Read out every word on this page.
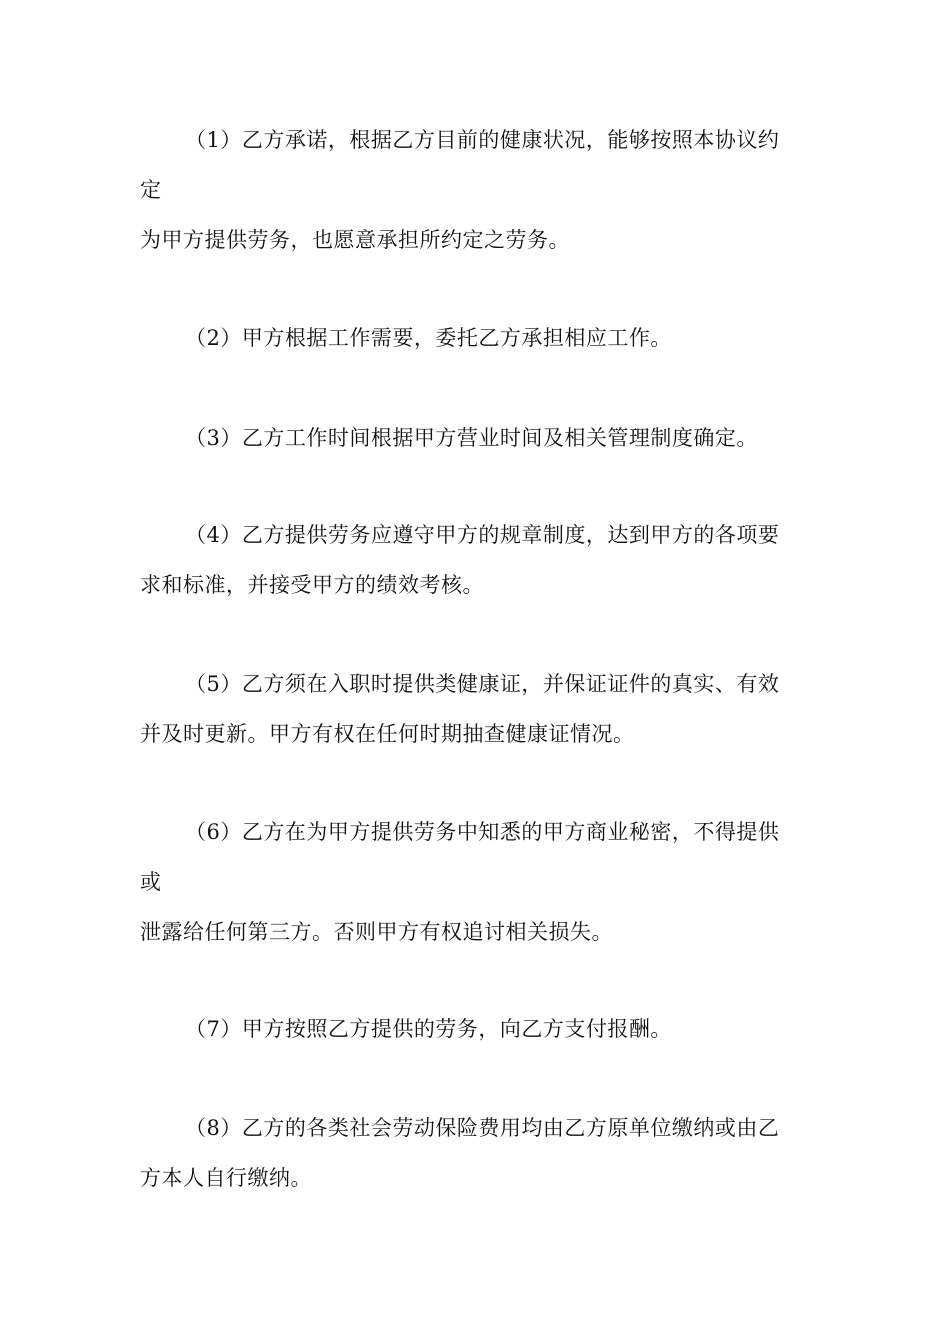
（1）乙方承诺，根据乙方目前的健康状况，能够按照本协议约
定
为甲方提供劳务，也愿意承担所约定之劳务。
（2）甲方根据工作需要，委托乙方承担相应工作。
（3）乙方工作时间根据甲方营业时间及相关管理制度确定。
（4）乙方提供劳务应遵守甲方的规章制度，达到甲方的各项要
求和标准，并接受甲方的绩效考核。
（5）乙方须在入职时提供类健康证，并保证证件的真实、有效
并及时更新。甲方有权在任何时期抽查健康证情况。
（6）乙方在为甲方提供劳务中知悉的甲方商业秘密，不得提供
或
泄露给任何第三方。否则甲方有权追讨相关损失。
（7）甲方按照乙方提供的劳务，向乙方支付报酬。
（8）乙方的各类社会劳动保险费用均由乙方原单位缴纳或由乙
方本人自行缴纳。
